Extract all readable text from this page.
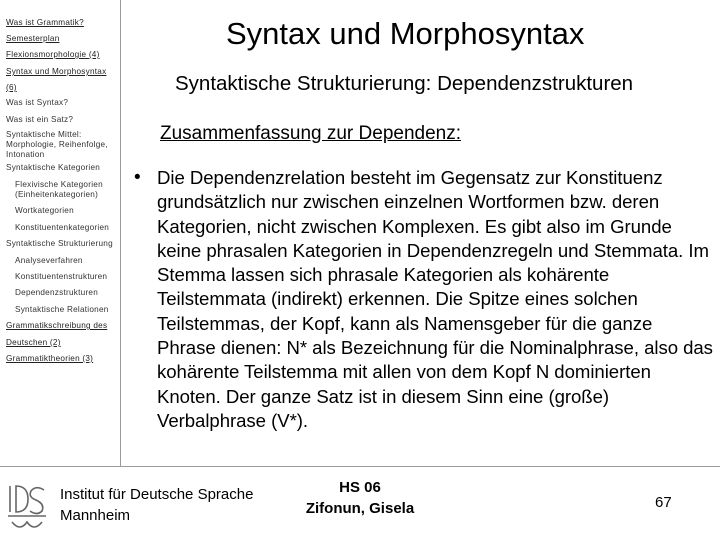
Was ist Grammatik?
Semesterplan
Flexionsmorphologie (4)
Syntax und Morphosyntax
(6)
Was ist Syntax?
Was ist ein Satz?
Syntaktische Mittel: Morphologie, Reihenfolge, Intonation
Syntaktische Kategorien
Flexivische Kategorien (Einheitenkategorien)
Wortkategorien
Konstituentenkategorien
Syntaktische Strukturierung
Analyseverfahren
Konstituentenstrukturen
Dependenzstrukturen
Syntaktische Relationen
Grammatikschreibung des
Deutschen (2)
Grammatiktheorien (3)
Syntax und Morphosyntax
Syntaktische Strukturierung: Dependenzstrukturen
Zusammenfassung zur Dependenz:
• Die Dependenzrelation besteht im Gegensatz zur Konstituenz grundsätzlich nur zwischen einzelnen Wortformen bzw. deren Kategorien, nicht zwischen Komplexen. Es gibt also im Grunde keine phrasalen Kategorien in Dependenzregeln und Stemmata. Im Stemma lassen sich phrasale Kategorien als kohärente Teilstemmata (indirekt) erkennen. Die Spitze eines solchen Teilstemmas, der Kopf, kann als Namensgeber für die ganze Phrase dienen: N* als Bezeichnung für die Nominalphrase, also das kohärente Teilstemma mit allen von dem Kopf N dominierten Knoten. Der ganze Satz ist in diesem Sinn eine (große) Verbalphrase (V*).
Institut für Deutsche Sprache
Mannheim
HS 06
Zifonun, Gisela	67
